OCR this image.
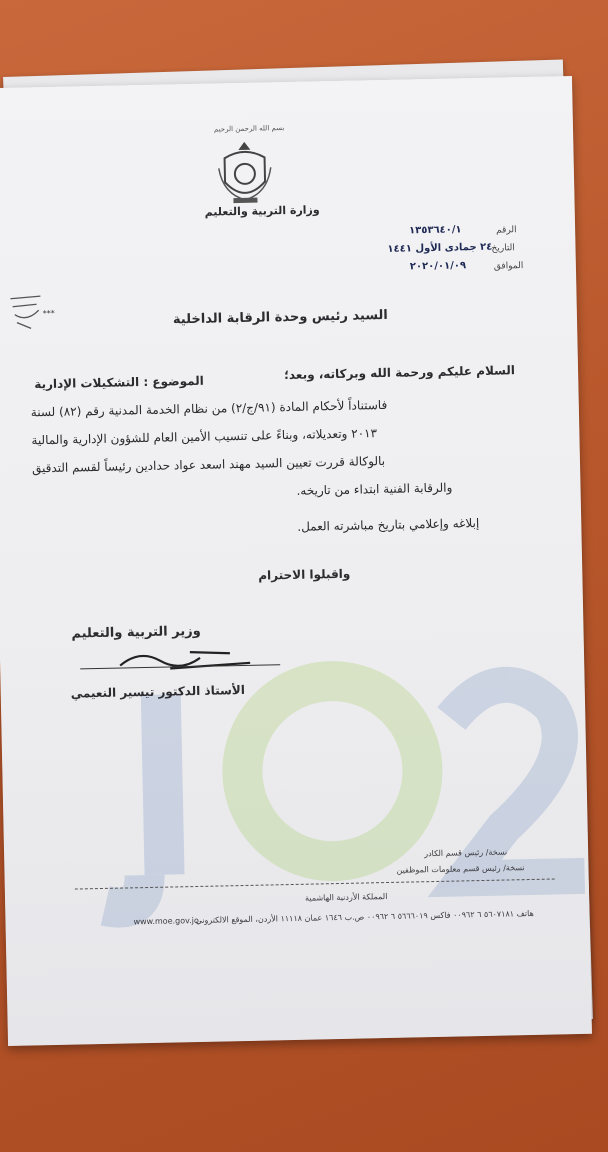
بسم الله الرحمن الرحيم
وزارة التربية والتعليم
الرقم
١٣٥٣٦٤٠/١
التاريخ
٢٤ جمادى الأول ١٤٤١
الموافق
٢٠٢٠/٠١/٠٩
***	السيد رئيس وحدة الرقابة الداخلية
السلام عليكم ورحمة الله وبركاته، وبعد؛
الموضوع : التشكيلات الإدارية
فاستناداً لأحكام المادة (٩١/ج/٢) من نظام الخدمة المدنية رقم (٨٢) لسنة
٢٠١٣ وتعديلاته، وبناءً على تنسيب الأمين العام للشؤون الإدارية والمالية
بالوكالة قررت تعيين السيد مهند اسعد عواد حدادين رئيساً لقسم التدقيق
والرقابة الفنية ابتداء من تاريخه.
إبلاغه وإعلامي بتاريخ مباشرته العمل.
واقبلوا الاحترام
وزير التربية والتعليم
الأستاذ الدكتور تيسير النعيمي
نسخة/ رئيس قسم الكادر
نسخة/ رئيس قسم معلومات الموظفين
المملكة الأردنية الهاشمية
هاتف ٥٦٠٧١٨١ ٦ ٠٠٩٦٢ فاكس ٥٦٦٦٠١٩ ٦ ٠٠٩٦٢ ص.ب ١٦٤٦ عمان ١١١١٨ الأردن، الموقع الالكتروني
www.moe.gov.jo
